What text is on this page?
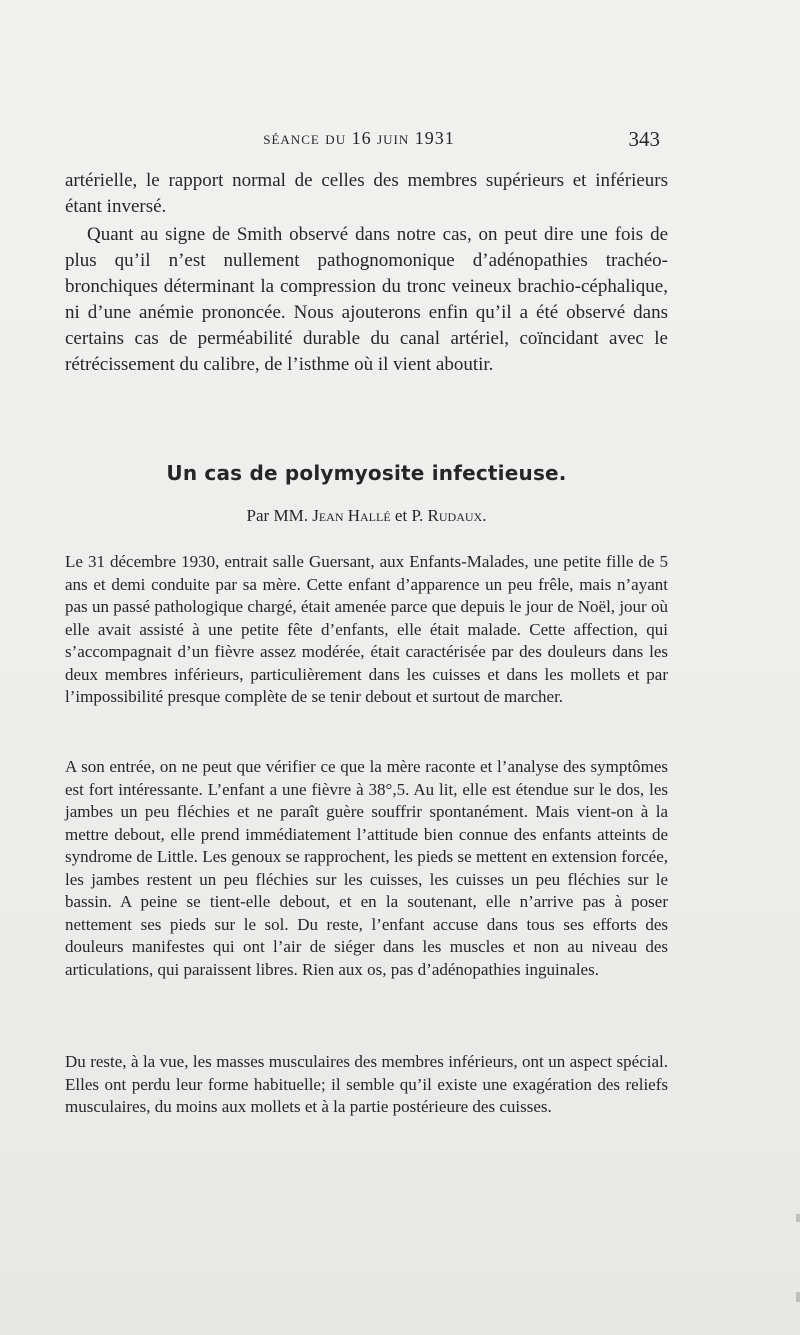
séance du 16 juin 1931	343
artérielle, le rapport normal de celles des membres supérieurs et inférieurs étant inversé.
Quant au signe de Smith observé dans notre cas, on peut dire une fois de plus qu’il n’est nullement pathognomonique d’adénopathies trachéo-bronchiques déterminant la compression du tronc veineux brachio-céphalique, ni d’une anémie prononcée. Nous ajouterons enfin qu’il a été observé dans certains cas de perméabilité durable du canal artériel, coïncidant avec le rétrécissement du calibre, de l’isthme où il vient aboutir.
Un cas de polymyosite infectieuse.
Par MM. Jean Hallé et P. Rudaux.
Le 31 décembre 1930, entrait salle Guersant, aux Enfants-Malades, une petite fille de 5 ans et demi conduite par sa mère. Cette enfant d’apparence un peu frêle, mais n’ayant pas un passé pathologique chargé, était amenée parce que depuis le jour de Noël, jour où elle avait assisté à une petite fête d’enfants, elle était malade. Cette affection, qui s’accompagnait d’un fièvre assez modérée, était caractérisée par des douleurs dans les deux membres inférieurs, particulièrement dans les cuisses et dans les mollets et par l’impossibilité presque complète de se tenir debout et surtout de marcher.
A son entrée, on ne peut que vérifier ce que la mère raconte et l’analyse des symptômes est fort intéressante. L’enfant a une fièvre à 38°,5. Au lit, elle est étendue sur le dos, les jambes un peu fléchies et ne paraît guère souffrir spontanément. Mais vient-on à la mettre debout, elle prend immédiatement l’attitude bien connue des enfants atteints de syndrome de Little. Les genoux se rapprochent, les pieds se mettent en extension forcée, les jambes restent un peu fléchies sur les cuisses, les cuisses un peu fléchies sur le bassin. A peine se tient-elle debout, et en la soutenant, elle n’arrive pas à poser nettement ses pieds sur le sol. Du reste, l’enfant accuse dans tous ses efforts des douleurs manifestes qui ont l’air de siéger dans les muscles et non au niveau des articulations, qui paraissent libres. Rien aux os, pas d’adénopathies inguinales.
Du reste, à la vue, les masses musculaires des membres inférieurs, ont un aspect spécial. Elles ont perdu leur forme habituelle; il semble qu’il existe une exagération des reliefs musculaires, du moins aux mollets et à la partie postérieure des cuisses.
